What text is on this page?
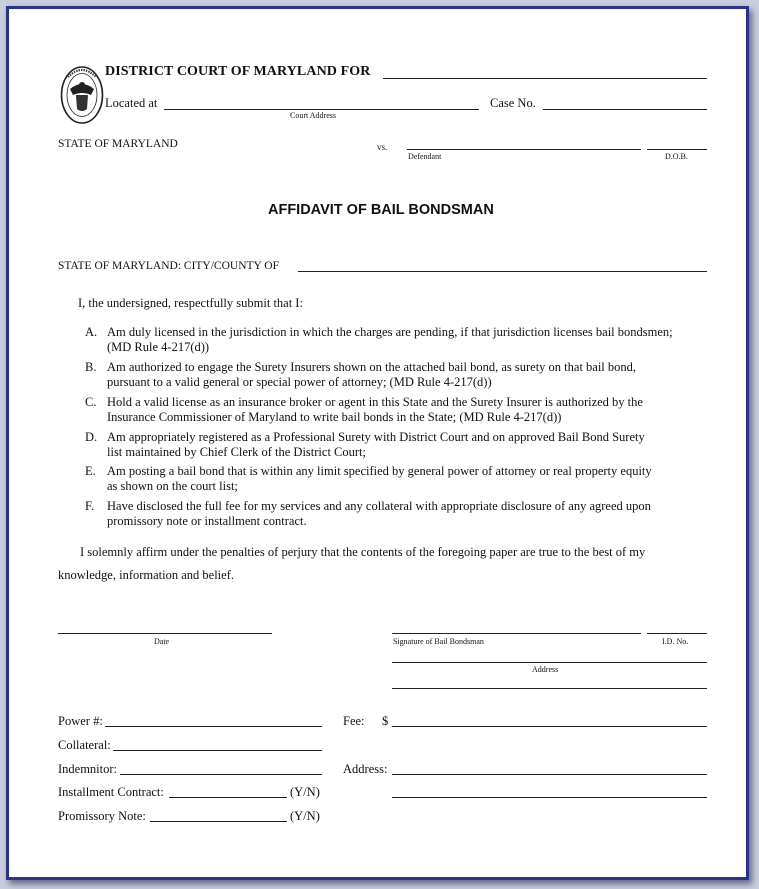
DISTRICT COURT OF MARYLAND FOR
Located at
Court Address
Case No.
STATE OF MARYLAND	vs.
Defendant	D.O.B.
AFFIDAVIT OF BAIL BONDSMAN
STATE OF MARYLAND: CITY/COUNTY OF
I, the undersigned, respectfully submit that I:
A. Am duly licensed in the jurisdiction in which the charges are pending, if that jurisdiction licenses bail bondsmen;
(MD Rule 4-217(d))
B. Am authorized to engage the Surety Insurers shown on the attached bail bond, as surety on that bail bond,
pursuant to a valid general or special power of attorney; (MD Rule 4-217(d))
C. Hold a valid license as an insurance broker or agent in this State and the Surety Insurer is authorized by the
Insurance Commissioner of Maryland to write bail bonds in the State; (MD Rule 4-217(d))
D. Am appropriately registered as a Professional Surety with District Court and on approved Bail Bond Surety
list maintained by Chief Clerk of the District Court;
E. Am posting a bail bond that is within any limit specified by general power of attorney or real property equity
as shown on the court list;
F. Have disclosed the full fee for my services and any collateral with appropriate disclosure of any agreed upon
promissory note or installment contract.
I solemnly affirm under the penalties of perjury that the contents of the foregoing paper are true to the best of my
knowledge, information and belief.
Date	Signature of Bail Bondsman	I.D. No.
Address
Power #:
Collateral:
Indemnitor:
Installment Contract:	(Y/N)
Promissory Note:	(Y/N)
Fee: $
Address:
